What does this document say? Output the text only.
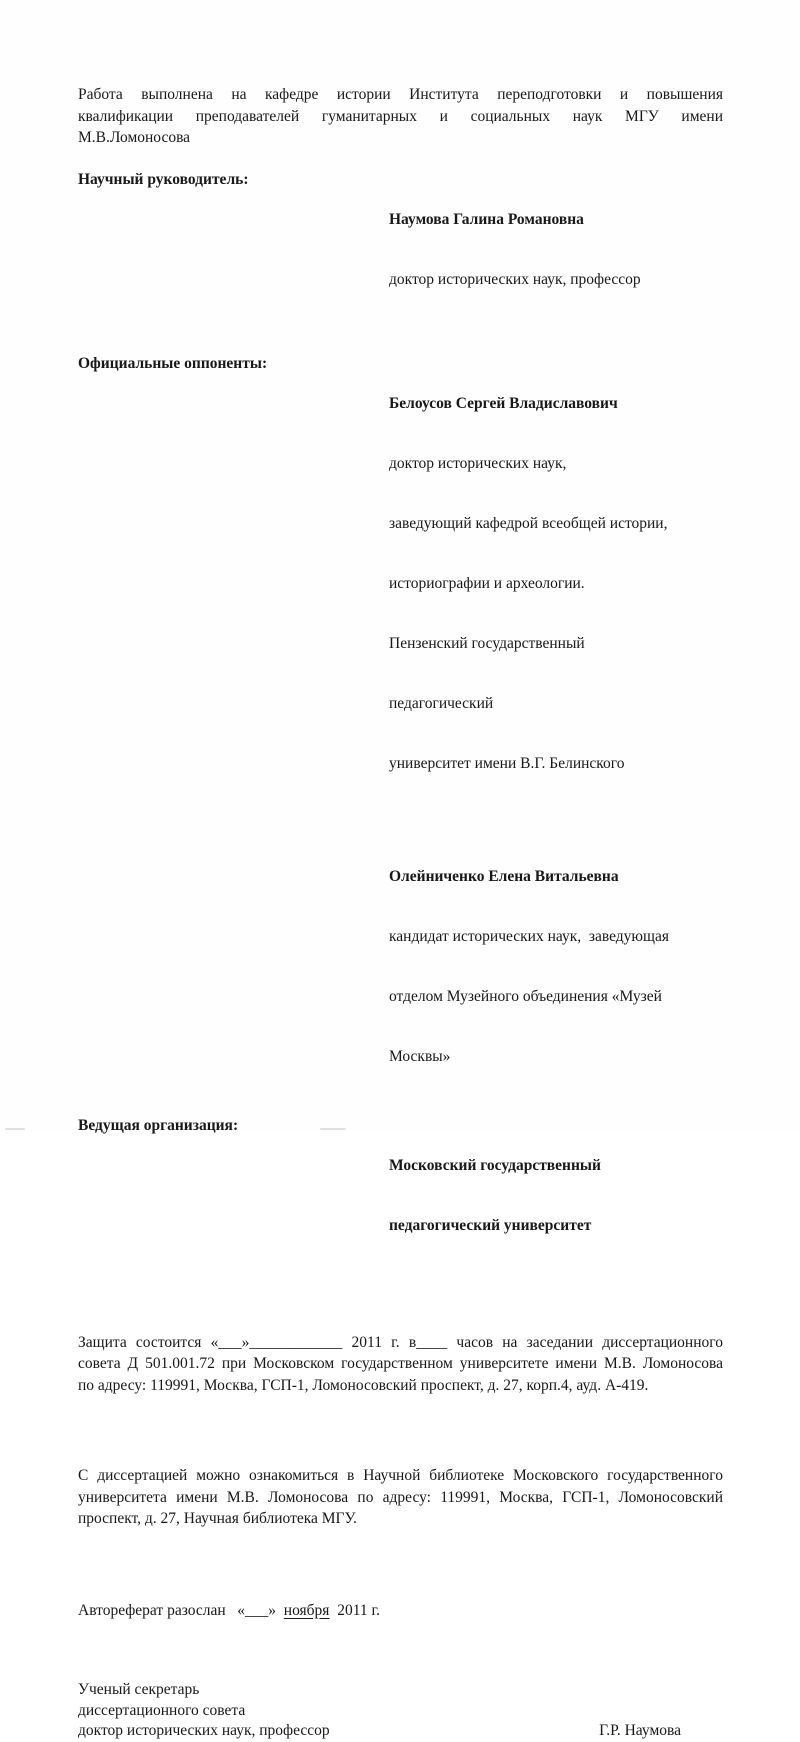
Работа выполнена на кафедре истории Института переподготовки и повышения
квалификации преподавателей гуманитарных и социальных наук МГУ имени
М.В.Ломоносова
Научный руководитель:

Наумова Галина Романовна

доктор исторических наук, профессор

Официальные оппоненты:

Белоусов Сергей Владиславович

доктор исторических наук,

заведующий кафедрой всеобщей истории,

историографии и археологии.

Пензенский государственный

педагогический

университет имени В.Г. Белинского

Олейниченко Елена Витальевна

кандидат исторических наук,  заведующая

отделом Музейного объединения «Музей

Москвы»

Ведущая организация:

Московский государственный

педагогический университет

Защита состоится «___»____________ 2011 г. в____ часов на заседании диссертационного
совета Д 501.001.72 при Московском государственном университете имени М.В. Ломоносова
по адресу: 119991, Москва, ГСП-1, Ломоносовский проспект, д. 27, корп.4, ауд. А-419.
С диссертацией можно ознакомиться в Научной библиотеке Московского государственного
университета имени М.В. Ломоносова по адресу: 119991, Москва, ГСП-1, Ломоносовский
проспект, д. 27, Научная библиотека МГУ.
Автореферат разослан   «___»  ноября  2011 г.
Ученый секретарь
диссертационного совета
доктор исторических наук, профессор	Г.Р. Наумова
